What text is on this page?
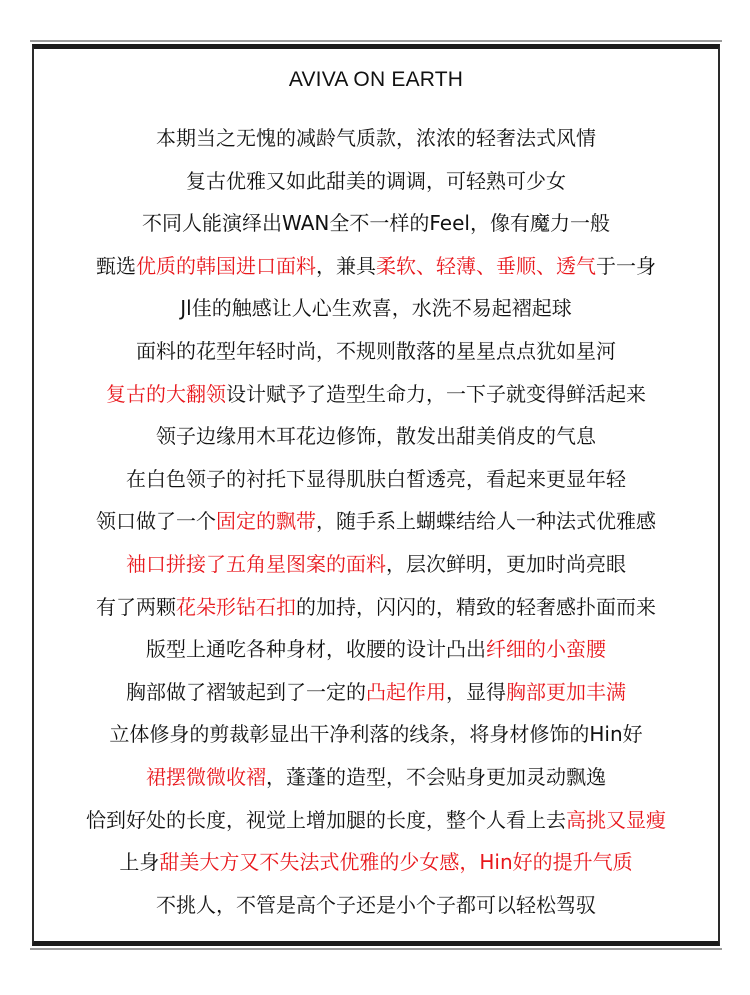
AVIVA ON EARTH
本期当之无愧的减龄气质款，浓浓的轻奢法式风情
复古优雅又如此甜美的调调，可轻熟可少女
不同人能演绎出WAN全不一样的Feel，像有魔力一般
甄选优质的韩国进口面料，兼具柔软、轻薄、垂顺、透气于一身
Jl佳的触感让人心生欢喜，水洗不易起褶起球
面料的花型年轻时尚，不规则散落的星星点点犹如星河
复古的大翻领设计赋予了造型生命力，一下子就变得鲜活起来
领子边缘用木耳花边修饰，散发出甜美俏皮的气息
在白色领子的衬托下显得肌肤白皙透亮，看起来更显年轻
领口做了一个固定的飘带，随手系上蝴蝶结给人一种法式优雅感
袖口拼接了五角星图案的面料，层次鲜明，更加时尚亮眼
有了两颗花朵形钻石扣的加持，闪闪的，精致的轻奢感扑面而来
版型上通吃各种身材，收腰的设计凸出纤细的小蛮腰
胸部做了褶皱起到了一定的凸起作用，显得胸部更加丰满
立体修身的剪裁彰显出干净利落的线条，将身材修饰的Hin好
裙摆微微收褶，蓬蓬的造型，不会贴身更加灵动飘逸
恰到好处的长度，视觉上增加腿的长度，整个人看上去高挑又显瘦
上身甜美大方又不失法式优雅的少女感，Hin好的提升气质
不挑人，不管是高个子还是小个子都可以轻松驾驭
